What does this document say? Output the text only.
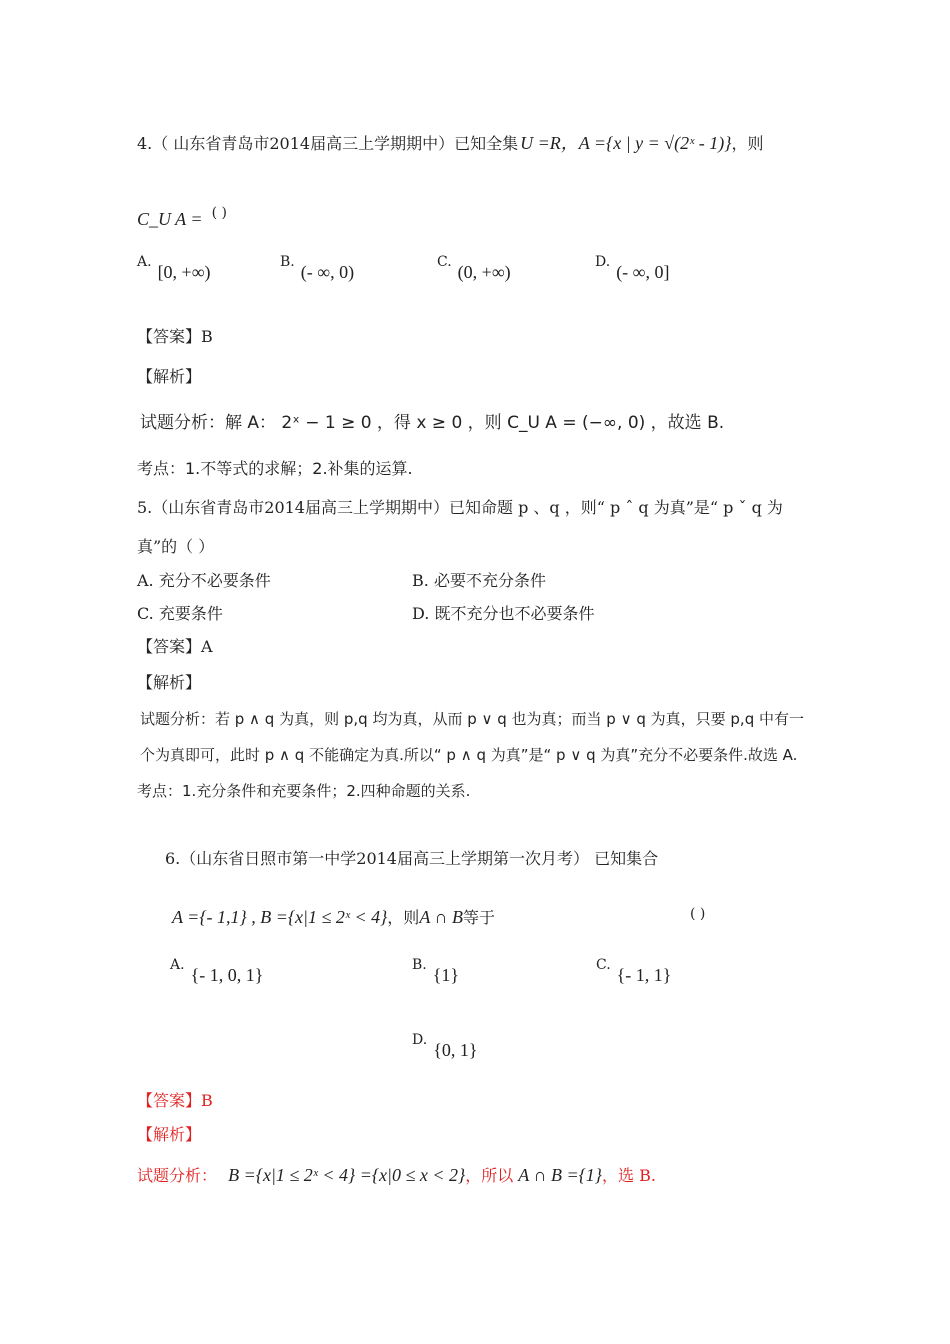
4.（ 山东省青岛市2014届高三上学期期中）已知全集 U =R，A ={x | y = √(2ˣ - 1)}，则
C_U A = ( )
A. [0, +∞)	B. (- ∞, 0)	C. (0, +∞)	D. (- ∞, 0]
【答案】B
【解析】
试题分析：解 A： 2ˣ − 1 ≥ 0 ，得 x ≥ 0 ，则 C_U A = (−∞, 0) ，故选 B.
考点：1.不等式的求解；2.补集的运算.
5.（山东省青岛市2014届高三上学期期中）已知命题 p 、q ，则“ p ˆ q 为真”是“ p ˇ q 为
真”的（ ）
A. 充分不必要条件	B. 必要不充分条件
C. 充要条件	D. 既不充分也不必要条件
【答案】A
【解析】
试题分析：若 p ∧ q 为真，则 p,q 均为真，从而 p ∨ q 也为真；而当 p ∨ q 为真，只要 p,q 中有一
个为真即可，此时 p ∧ q 不能确定为真.所以“ p ∧ q 为真”是“ p ∨ q 为真”充分不必要条件.故选 A.
考点：1.充分条件和充要条件；2.四种命题的关系.
6.（山东省日照市第一中学2014届高三上学期第一次月考） 已知集合
A ={- 1,1} , B ={x|1 ≤ 2ˣ < 4}，则A ∩ B等于	( )
A. {- 1, 0, 1}	B. {1}	C. {- 1, 1}
D. {0, 1}
【答案】B
【解析】
试题分析： B ={x|1 ≤ 2ˣ < 4} ={x|0 ≤ x < 2}，所以 A ∩ B ={1}，选 B.
